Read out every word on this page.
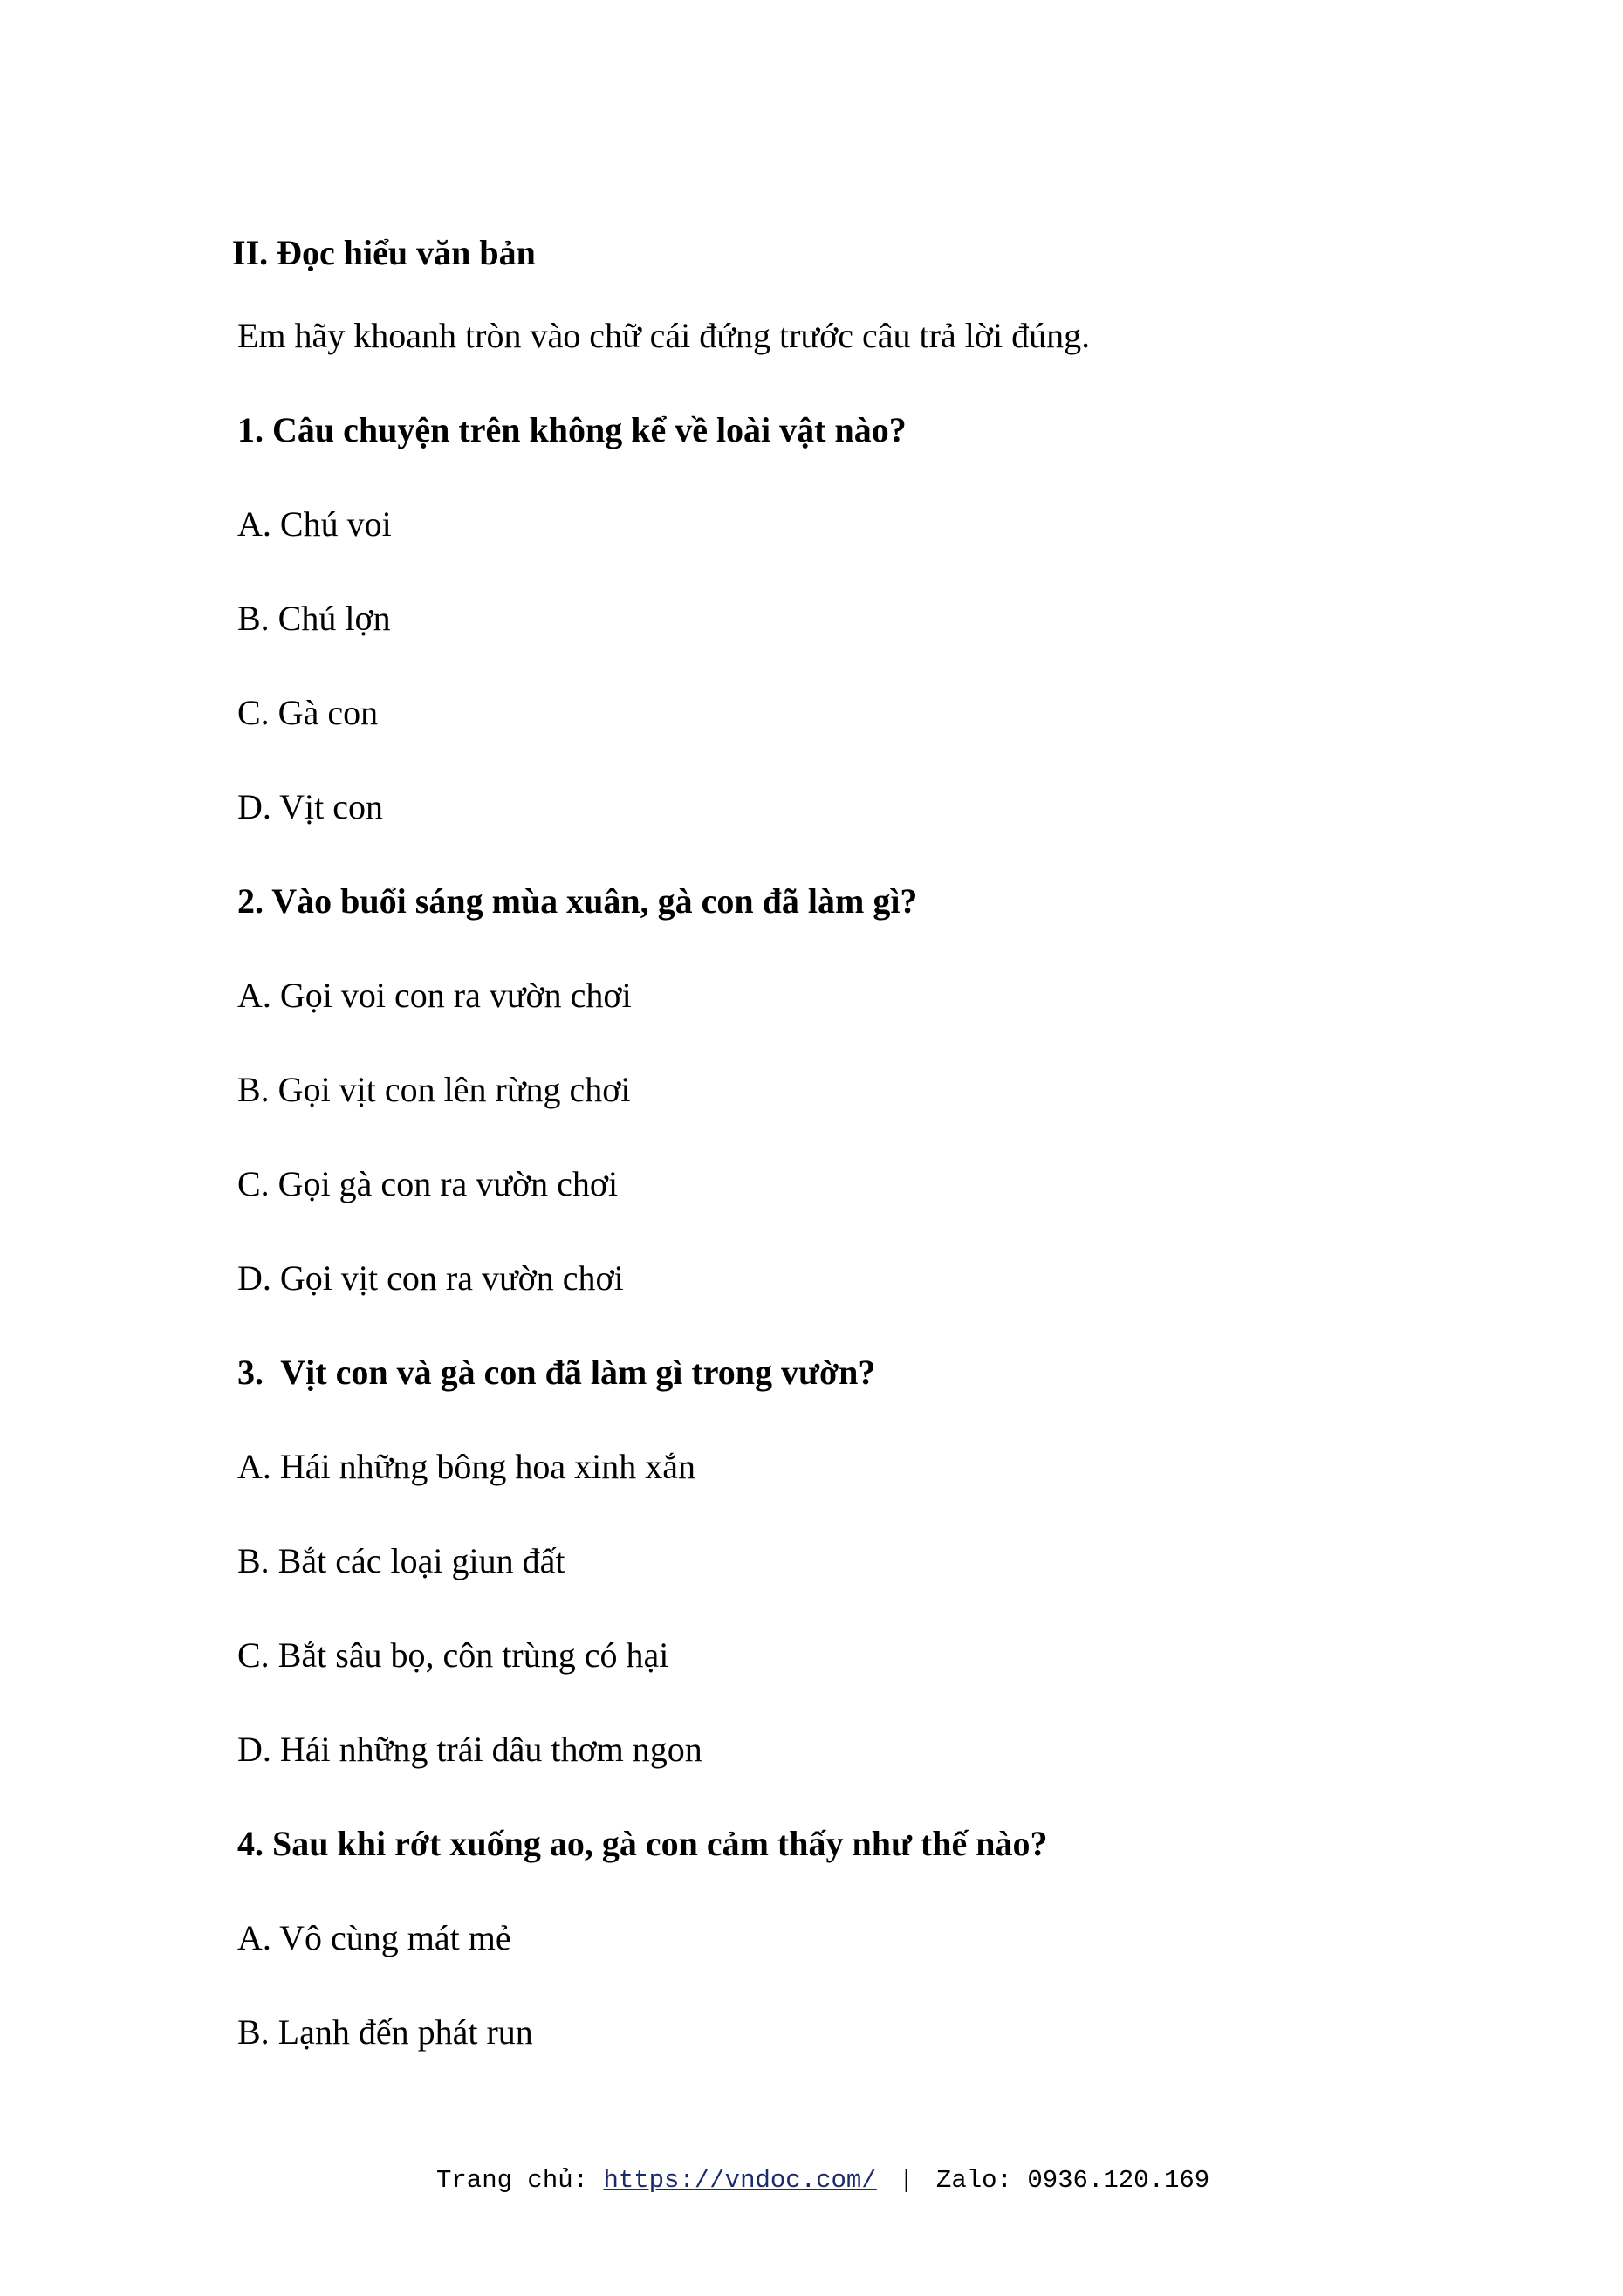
II. Đọc hiểu văn bản
Em hãy khoanh tròn vào chữ cái đứng trước câu trả lời đúng.
1. Câu chuyện trên không kể về loài vật nào?
A. Chú voi
B. Chú lợn
C. Gà con
D. Vịt con
2. Vào buổi sáng mùa xuân, gà con đã làm gì?
A. Gọi voi con ra vườn chơi
B. Gọi vịt con lên rừng chơi
C. Gọi gà con ra vườn chơi
D. Gọi vịt con ra vườn chơi
3.  Vịt con và gà con đã làm gì trong vườn?
A. Hái những bông hoa xinh xắn
B. Bắt các loại giun đất
C. Bắt sâu bọ, côn trùng có hại
D. Hái những trái dâu thơm ngon
4. Sau khi rớt xuống ao, gà con cảm thấy như thế nào?
A. Vô cùng mát mẻ
B. Lạnh đến phát run
Trang chủ: https://vndoc.com/ | Zalo: 0936.120.169
